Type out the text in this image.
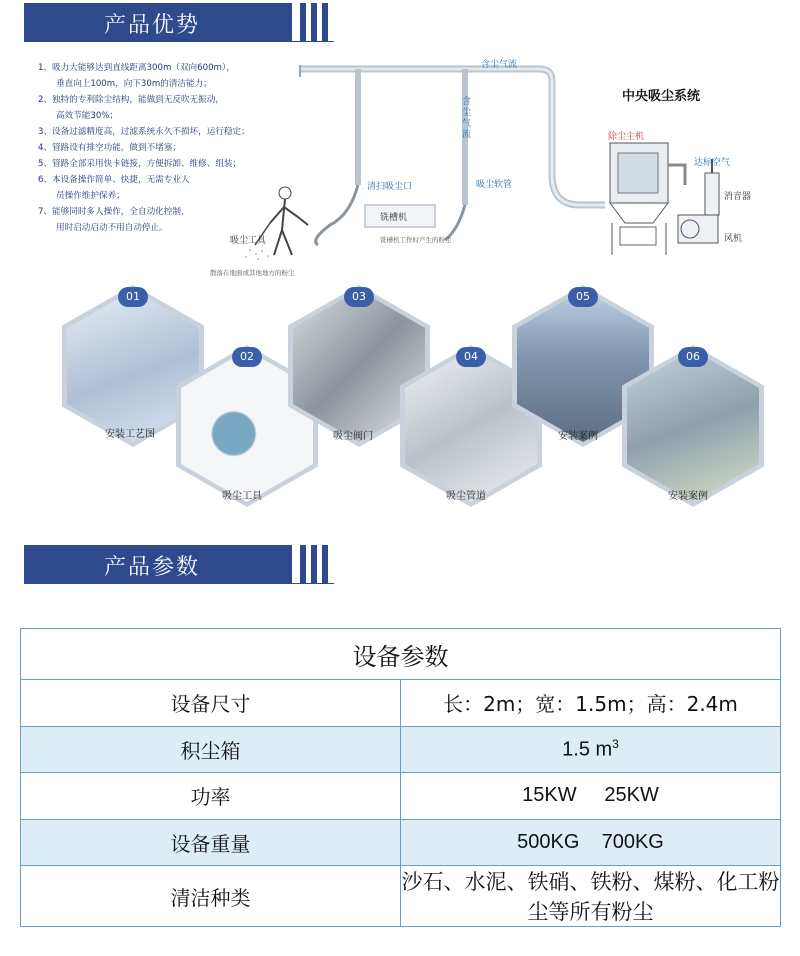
产品优势
1、吸力大能够达到直线距离300m（双向600m），
垂直向上100m，向下30m的清洁能力；
2、独特的专利除尘结构，能做到无反吹无振动，
高效节能30%；
3、设备过滤精度高，过滤系统永久不损坏，运行稳定；
4、管路设有排空功能，做到不堵塞；
5、管路全部采用快卡链接，方便拆卸、维修、组装；
6、本设备操作简单、快捷，无需专业人
员操作维护保养；
7、能够同时多人操作，全自动化控制，
用时启动启动不用自动停止。
中央吸尘系统
含尘气流
含尘气流
清扫吸尘口	吸尘软管
铣槽机
铣槽机工作时产生的粉尘
吸尘工具
散落在地面或其他地方的粉尘
除尘主机
达标空气
消音器
风机
01
安装工艺图
02
吸尘工具
03
吸尘阀门
04
吸尘管道
05
安装案例
06
安装案例
产品参数
设备参数	
设备尺寸	长：2m；宽：1.5m；高：2.4m
积尘箱	1.5 $m^3$
功率	15KW     25KW
设备重量	500KG    700KG
清洁种类	沙石、水泥、铁硝、铁粉、煤粉、化工粉尘等所有粉尘
